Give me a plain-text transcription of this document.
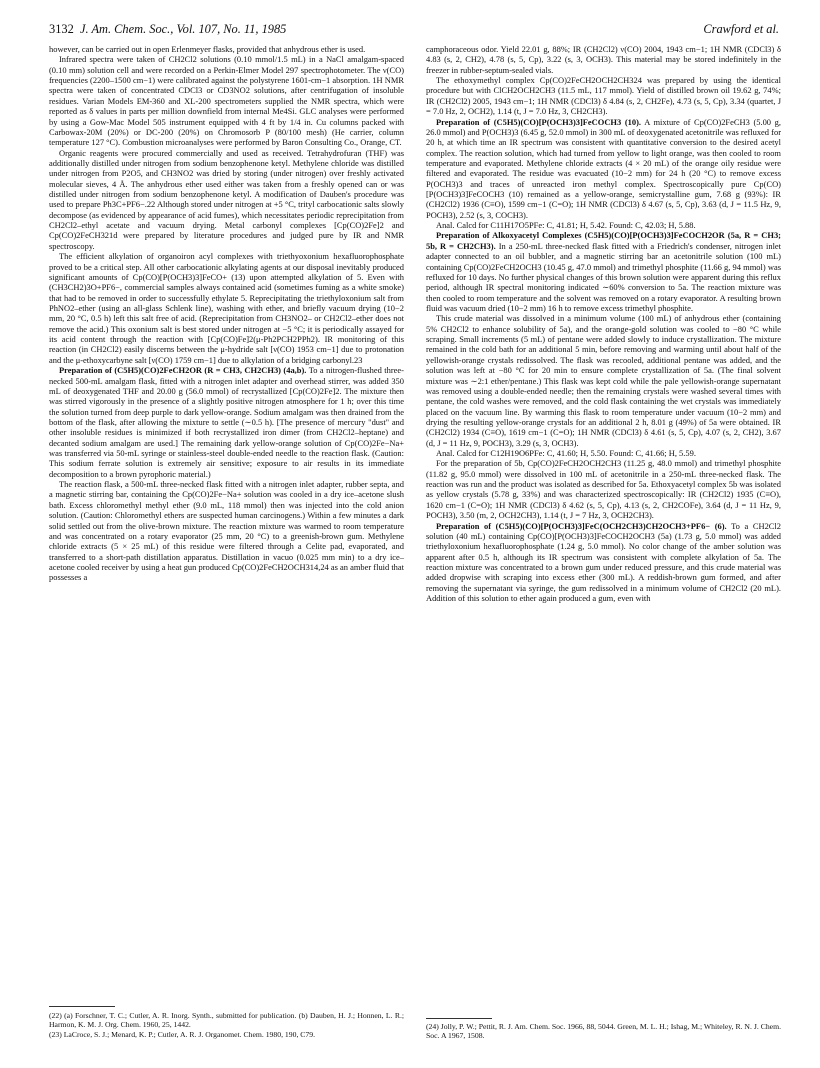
3132 J. Am. Chem. Soc., Vol. 107, No. 11, 1985	Crawford et al.

however, can be carried out in open Erlenmeyer flasks, provided that anhydrous ether is used.

Infrared spectra were taken of CH2Cl2 solutions (0.10 mmol/1.5 mL) in a NaCl amalgam-spaced (0.10 mm) solution cell and were recorded on a Perkin-Elmer Model 297 spectrophotometer. The ν(CO) frequencies (2200–1500 cm−1) were calibrated against the polystyrene 1601-cm−1 absorption. 1H NMR spectra were taken of concentrated CDCl3 or CD3NO2 solutions, after centrifugation of insoluble residues. Varian Models EM-360 and XL-200 spectrometers supplied the NMR spectra, which were reported as δ values in parts per million downfield from internal Me4Si. GLC analyses were performed by using a Gow-Mac Model 505 instrument equipped with 4 ft by 1/4 in. Cu columns packed with Carbowax-20M (20%) or DC-200 (20%) on Chromosorb P (80/100 mesh) (He carrier, column temperature 127 °C). Combustion microanalyses were performed by Baron Consulting Co., Orange, CT.

Organic reagents were procured commercially and used as received. Tetrahydrofuran (THF) was additionally distilled under nitrogen from sodium benzophenone ketyl. Methylene chloride was distilled under nitrogen from P2O5, and CH3NO2 was dried by storing (under nitrogen) over freshly activated molecular sieves, 4 Å. The anhydrous ether used either was taken from a freshly opened can or was distilled under nitrogen from sodium benzophenone ketyl. A modification of Dauben's procedure was used to prepare Ph3C+PF6−.22 Although stored under nitrogen at +5 °C, trityl carbocationic salts slowly decompose (as evidenced by appearance of acid fumes), which necessitates periodic reprecipitation from CH2Cl2–ethyl acetate and vacuum drying. Metal carbonyl complexes [Cp(CO)2Fe]2 and Cp(CO)2FeCH321d were prepared by literature procedures and judged pure by IR and NMR spectroscopy.

The efficient alkylation of organoiron acyl complexes with triethyoxonium hexafluorophosphate proved to be a critical step. All other carbocationic alkylating agents at our disposal inevitably produced significant amounts of Cp(CO)[P(OCH3)3]FeCO+ (13) upon attempted alkylation of 5. Even with (CH3CH2)3O+PF6−, commercial samples always contained acid (sometimes fuming as a white smoke) that had to be removed in order to successfully ethylate 5. Reprecipitating the triethyloxonium salt from PhNO2–ether (using an all-glass Schlenk line), washing with ether, and briefly vacuum drying (10−2 mm, 20 °C, 0.5 h) left this salt free of acid. (Reprecipitation from CH3NO2– or CH2Cl2–ether does not remove the acid.) This oxonium salt is best stored under nitrogen at −5 °C; it is periodically assayed for its acid content through the reaction with [Cp(CO)Fe]2(μ-Ph2PCH2PPh2). IR monitoring of this reaction (in CH2Cl2) easily discerns between the μ-hydride salt [ν(CO) 1953 cm−1] due to protonation and the μ-ethoxycarbyne salt [ν(CO) 1759 cm−1] due to alkylation of a bridging carbonyl.23

Preparation of (C5H5)(CO)2FeCH2OR (R = CH3, CH2CH3) (4a,b). To a nitrogen-flushed three-necked 500-mL amalgam flask, fitted with a nitrogen inlet adapter and overhead stirrer, was added 350 mL of deoxygenated THF and 20.00 g (56.0 mmol) of recrystallized [Cp(CO)2Fe]2. The mixture then was stirred vigorously in the presence of a slightly positive nitrogen atmosphere for 1 h; over this time the solution turned from deep purple to dark yellow-orange. Sodium amalgam was then drained from the bottom of the flask, after allowing the mixture to settle (∼0.5 h). [The presence of mercury "dust" and other insoluble residues is minimized if both recrystallized iron dimer (from CH2Cl2–heptane) and decanted sodium amalgam are used.] The remaining dark yellow-orange solution of Cp(CO)2Fe−Na+ was transferred via 50-mL syringe or stainless-steel double-ended needle to the reaction flask. (Caution: This sodium ferrate solution is extremely air sensitive; exposure to air results in its immediate decomposition to a brown pyrophoric material.)

The reaction flask, a 500-mL three-necked flask fitted with a nitrogen inlet adapter, rubber septa, and a magnetic stirring bar, containing the Cp(CO)2Fe−Na+ solution was cooled in a dry ice–acetone slush bath. Excess chloromethyl methyl ether (9.0 mL, 118 mmol) then was injected into the cold anion solution. (Caution: Chloromethyl ethers are suspected human carcinogens.) Within a few minutes a dark solid settled out from the olive-brown mixture. The reaction mixture was warmed to room temperature and was concentrated on a rotary evaporator (25 mm, 20 °C) to a greenish-brown gum. Methylene chloride extracts (5 × 25 mL) of this residue were filtered through a Celite pad, evaporated, and transferred to a short-path distillation apparatus. Distillation in vacuo (0.025 mm min) to a dry ice–acetone cooled receiver by using a heat gun produced Cp(CO)2FeCH2OCH314,24 as an amber fluid that possesses a

(22) (a) Forschner, T. C.; Cutler, A. R. Inorg. Synth., submitted for publication. (b) Dauben, H. J.; Honnen, L. R.; Harmon, K. M. J. Org. Chem. 1960, 25, 1442.

(23) LaCroce, S. J.; Menard, K. P.; Cutler, A. R. J. Organomet. Chem. 1980, 190, C79.

camphoraceous odor. Yield 22.01 g, 88%; IR (CH2Cl2) ν(CO) 2004, 1943 cm−1; 1H NMR (CDCl3) δ 4.83 (s, 2, CH2), 4.78 (s, 5, Cp), 3.22 (s, 3, OCH3). This material may be stored indefinitely in the freezer in rubber-septum-sealed vials.

The ethoxymethyl complex Cp(CO)2FeCH2OCH2CH324 was prepared by using the identical procedure but with ClCH2OCH2CH3 (11.5 mL, 117 mmol). Yield of distilled brown oil 19.62 g, 74%; IR (CH2Cl2) 2005, 1943 cm−1; 1H NMR (CDCl3) δ 4.84 (s, 2, CH2Fe), 4.73 (s, 5, Cp), 3.34 (quartet, J = 7.0 Hz, 2, OCH2), 1.14 (t, J = 7.0 Hz, 3, CH2CH3).

Preparation of (C5H5)(CO)[P(OCH3)3]FeCOCH3 (10). A mixture of Cp(CO)2FeCH3 (5.00 g, 26.0 mmol) and P(OCH3)3 (6.45 g, 52.0 mmol) in 300 mL of deoxygenated acetonitrile was refluxed for 20 h, at which time an IR spectrum was consistent with quantitative conversion to the desired acetyl complex. The reaction solution, which had turned from yellow to light orange, was then cooled to room temperature and evaporated. Methylene chloride extracts (4 × 20 mL) of the orange oily residue were filtered and evaporated. The residue was evacuated (10−2 mm) for 24 h (20 °C) to remove excess P(OCH3)3 and traces of unreacted iron methyl complex. Spectroscopically pure Cp(CO)[P(OCH3)3]FeCOCH3 (10) remained as a yellow-orange, semicrystalline gum, 7.68 g (93%): IR (CH2Cl2) 1936 (C≡O), 1599 cm−1 (C=O); 1H NMR (CDCl3) δ 4.67 (s, 5, Cp), 3.63 (d, J = 11.5 Hz, 9, POCH3), 2.52 (s, 3, COCH3).

Anal. Calcd for C11H17O5PFe: C, 41.81; H, 5.42. Found: C, 42.03; H, 5.88.

Preparation of Alkoxyacetyl Complexes (C5H5)(CO)[P(OCH3)3]FeCOCH2OR (5a, R = CH3; 5b, R = CH2CH3). In a 250-mL three-necked flask fitted with a Friedrich's condenser, nitrogen inlet adapter connected to an oil bubbler, and a magnetic stirring bar an acetonitrile solution (100 mL) containing Cp(CO)2FeCH2OCH3 (10.45 g, 47.0 mmol) and trimethyl phosphite (11.66 g, 94 mmol) was refluxed for 10 days. No further physical changes of this brown solution were apparent during this reflux period, although IR spectral monitoring indicated ∼60% conversion to 5a. The reaction mixture was then cooled to room temperature and the solvent was removed on a rotary evaporator. A resulting brown fluid was vacuum dried (10−2 mm) 16 h to remove excess trimethyl phosphite.

This crude material was dissolved in a minimum volume (100 mL) of anhydrous ether (containing 5% CH2Cl2 to enhance solubility of 5a), and the orange-gold solution was cooled to −80 °C while scraping. Small increments (5 mL) of pentane were added slowly to induce crystallization. The mixture remained in the cold bath for an additional 5 min, before removing and warming until about half of the yellowish-orange crystals redissolved. The flask was recooled, additional pentane was added, and the solution was left at −80 °C for 20 min to ensure complete crystallization of 5a. (The final solvent mixture was ∼2:1 ether/pentane.) This flask was kept cold while the pale yellowish-orange supernatant was removed using a double-ended needle; then the remaining crystals were washed several times with pentane, the cold washes were removed, and the cold flask containing the wet crystals was immediately placed on the vacuum line. By warming this flask to room temperature under vacuum (10−2 mm) and drying the resulting yellow-orange crystals for an additional 2 h, 8.01 g (49%) of 5a were obtained. IR (CH2Cl2) 1934 (C≡O), 1619 cm−1 (C=O); 1H NMR (CDCl3) δ 4.61 (s, 5, Cp), 4.07 (s, 2, CH2), 3.67 (d, J = 11 Hz, 9, POCH3), 3.29 (s, 3, OCH3).

Anal. Calcd for C12H19O6PFe: C, 41.60; H, 5.50. Found: C, 41.66; H, 5.59.

For the preparation of 5b, Cp(CO)2FeCH2OCH2CH3 (11.25 g, 48.0 mmol) and trimethyl phosphite (11.82 g, 95.0 mmol) were dissolved in 100 mL of acetonitrile in a 250-mL three-necked flask. The reaction was run and the product was isolated as described for 5a. Ethoxyacetyl complex 5b was isolated as yellow crystals (5.78 g, 33%) and was characterized spectroscopically: IR (CH2Cl2) 1935 (C≡O), 1620 cm−1 (C=O); 1H NMR (CDCl3) δ 4.62 (s, 5, Cp), 4.13 (s, 2, CH2COFe), 3.64 (d, J = 11 Hz, 9, POCH3), 3.50 (m, 2, OCH2CH3), 1.14 (t, J = 7 Hz, 3, OCH2CH3).

Preparation of (C5H5)(CO)[P(OCH3)3]FeC(OCH2CH3)CH2OCH3+PF6− (6). To a CH2Cl2 solution (40 mL) containing Cp(CO)[P(OCH3)3]FeCOCH2OCH3 (5a) (1.73 g, 5.0 mmol) was added triethyloxonium hexafluorophosphate (1.24 g, 5.0 mmol). No color change of the amber solution was apparent after 0.5 h, although its IR spectrum was consistent with complete alkylation of 5a. The reaction mixture was concentrated to a brown gum under reduced pressure, and this crude material was added dropwise with scraping into excess ether (300 mL). A reddish-brown gum formed, and after removing the supernatant via syringe, the gum redissolved in a minimum volume of CH2Cl2 (20 mL). Addition of this solution to ether again produced a gum, even with

(24) Jolly, P. W.; Pettit, R. J. Am. Chem. Soc. 1966, 88, 5044. Green, M. L. H.; Ishag, M.; Whiteley, R. N. J. Chem. Soc. A 1967, 1508.
